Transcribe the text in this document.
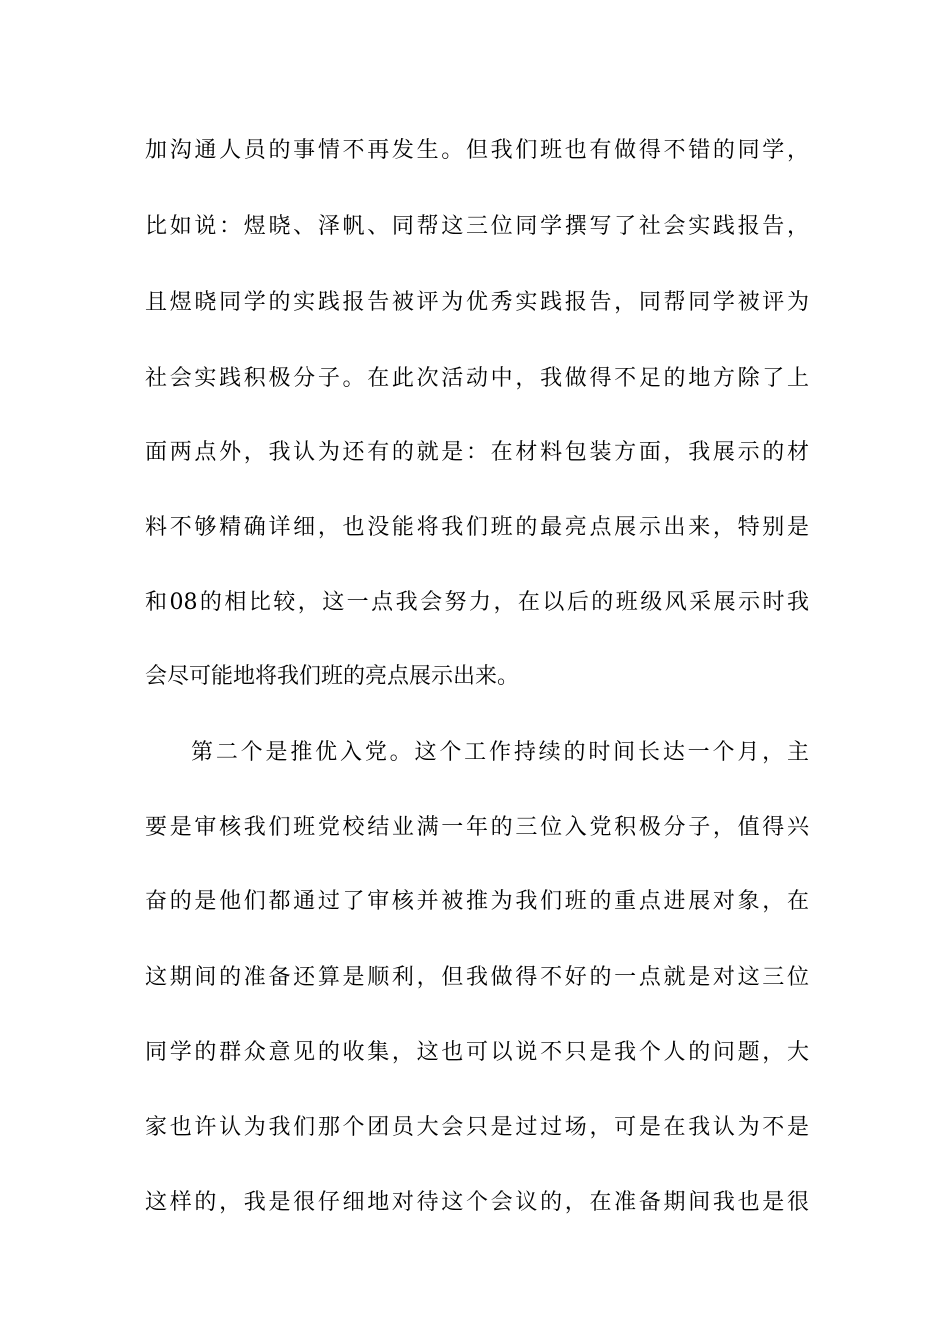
加沟通人员的事情不再发生。但我们班也有做得不错的同学，
比如说：煜晓、泽帆、同帮这三位同学撰写了社会实践报告，
且煜晓同学的实践报告被评为优秀实践报告，同帮同学被评为
社会实践积极分子。在此次活动中，我做得不足的地方除了上
面两点外，我认为还有的就是：在材料包装方面，我展示的材
料不够精确详细，也没能将我们班的最亮点展示出来，特别是
和08的相比较，这一点我会努力，在以后的班级风采展示时我
会尽可能地将我们班的亮点展示出来。
第二个是推优入党。这个工作持续的时间长达一个月，主
要是审核我们班党校结业满一年的三位入党积极分子，值得兴
奋的是他们都通过了审核并被推为我们班的重点进展对象，在
这期间的准备还算是顺利，但我做得不好的一点就是对这三位
同学的群众意见的收集，这也可以说不只是我个人的问题，大
家也许认为我们那个团员大会只是过过场，可是在我认为不是
这样的，我是很仔细地对待这个会议的，在准备期间我也是很
